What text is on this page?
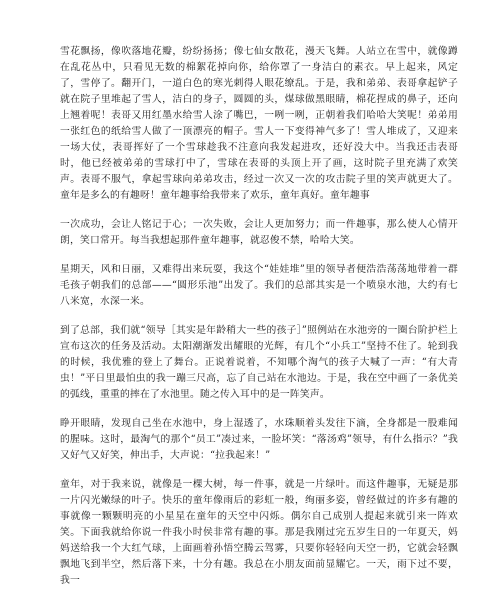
雪花飘扬，像吹落地花瓣，纷纷扬扬；像七仙女散花，漫天飞舞。人站立在雪中，就像蹲在乱花丛中，只看见无数的棉絮花掉向你，给你罩了一身洁白的素衣。早上起来，风定了，雪停了。翻开门，一道白色的寒光刺得人眼花缭乱。于是，我和弟弟、表哥拿起铲子就在院子里堆起了雪人，洁白的身子，圆圆的头，煤球做黑眼睛，棉花捏成的鼻子，还向上翘着呢！表哥又用红墨水给雪人涂了嘴巴，一咧一咧，正朝着我们哈哈大笑呢！弟弟用一张红色的纸给雪人做了一顶漂亮的帽子。雪人一下变得神气多了！雪人堆成了，又迎来一场大仗，表哥挥好了一个雪球趁我不注意向我发起进攻，还好没大中。当我还击表哥时，他已经被弟弟的雪球打中了，雪球在表哥的头顶上开了画，这时院子里充满了欢笑声。表哥不服气，拿起雪球向弟弟攻击，经过一次又一次的攻击院子里的笑声就更大了。 童年是多么的有趣呀！童年趣事给我带来了欢乐，童年真好。童年趣事

一次成功，会让人铭记于心；一次失败，会让人更加努力；而一件趣事，那么使人心情开朗，笑口常开。每当我想起那件童年趣事，就忍俊不禁，哈哈大笑。

星期天，风和日丽，又难得出来玩耍，我这个“娃娃堆”里的领导者便浩浩荡荡地带着一群毛孩子朝我们的总部——“圆形乐池”出发了。我们的总部其实是一个喷泉水池，大约有七八米宽，水深一米。

到了总部，我们就“领导［其实是年龄稍大一些的孩子］”照例站在水池旁的一圈台阶护栏上宣布这次的任务及活动。太阳潮渐发出耀眼的光辉，有几个“小兵工”坚持不住了。轮到我的时候，我优雅的登上了舞台。正说着说着，不知哪个淘气的孩子大喊了一声：“有大青虫！”平日里最怕虫的我一蹦三尺高，忘了自己站在水池边。于是，我在空中画了一条优美的弧线，重重的摔在了水池里。随之传入耳中的是一阵笑声。

睁开眼睛，发现自己坐在水池中，身上湿透了，水珠顺着头发往下滴，全身都是一股难闻的腥味。这时，最淘气的那个“员工”凑过来，一脸坏笑：“落汤鸡”领导，有什么指示？”我又好气又好笑，伸出手，大声说：“拉我起来！”

童年，对于我来说，就像是一棵大树，每一件事，就是一片绿叶。而这件趣事，无疑是那一片闪光嫩绿的叶子。快乐的童年像雨后的彩虹一般，绚丽多姿，曾经做过的许多有趣的事就像一颗颗明亮的小星星在童年的天空中闪烁。偶尔自己成别人提起来就引来一阵欢笑。下面我就给你说一件我小时侯非常有趣的事。那是我刚过完五岁生日的一年夏天，妈妈送给我一个大红气球，上面画着孙悟空腾云驾雾，只要你轻轻向天空一扔，它就会轻飘飘地飞到半空，然后落下来，十分有趣。我总在小朋友面前显耀它。一天，雨下过不要，我一
